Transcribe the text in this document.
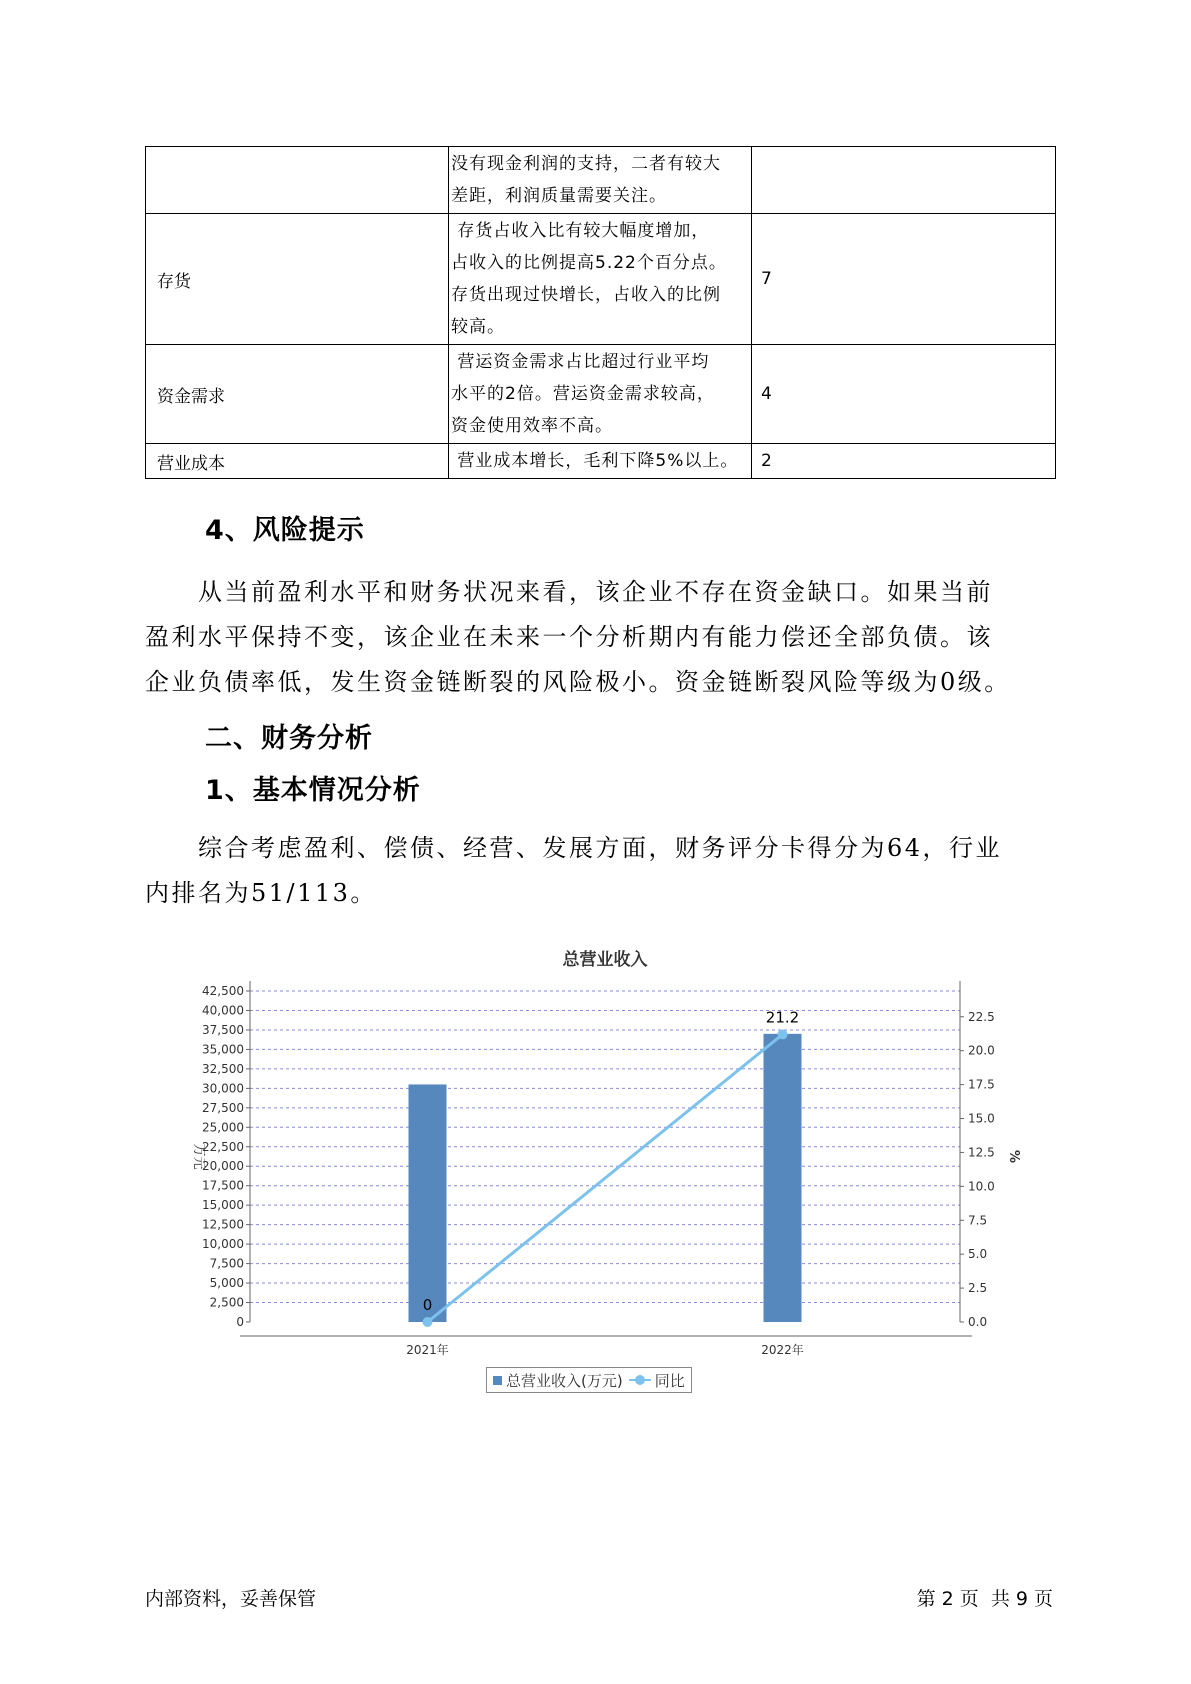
	没有现金利润的支持，二者有较大
差距，利润质量需要关注。	

存货	存货占收入比有较大幅度增加，
占收入的比例提高5.22个百分点。
存货出现过快增长，占收入的比例
较高。	7
资金需求	营运资金需求占比超过行业平均
水平的2倍。营运资金需求较高，
资金使用效率不高。	4
营业成本	营业成本增长，毛利下降5%以上。	2
4、风险提示
　　从当前盈利水平和财务状况来看，该企业不存在资金缺口。如果当前
盈利水平保持不变，该企业在未来一个分析期内有能力偿还全部负债。该
企业负债率低，发生资金链断裂的风险极小。资金链断裂风险等级为0级。
二、财务分析
1、基本情况分析
　　综合考虑盈利、偿债、经营、发展方面，财务评分卡得分为64，行业
内排名为51/113。
总营业收入
0
2,500
5,000
7,500
10,000
12,500
15,000
17,500
20,000
22,500
25,000
27,500
30,000
32,500
35,000
37,500
40,000
42,500
0.0
2.5
5.0
7.5
10.0
12.5
15.0
17.5
20.0
22.5
万元	%
2021年	2022年
0
21.2
总营业收入(万元) 同比
内部资料，妥善保管	第 2 页  共 9 页
